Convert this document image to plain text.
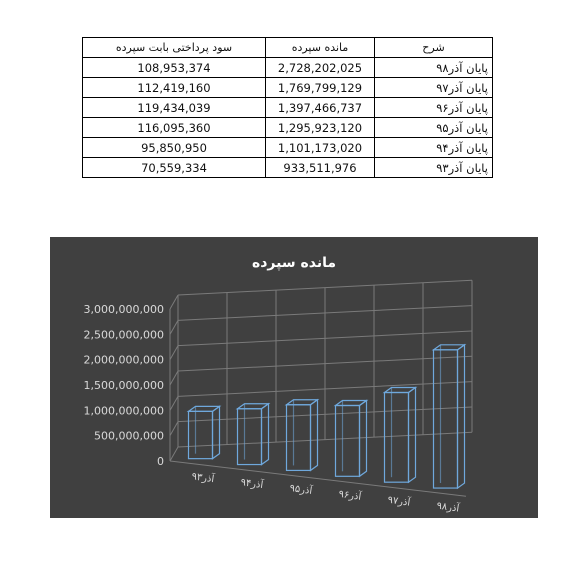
سود پرداختی بابت سپرده	مانده سپرده	شرح
108,953,374	2,728,202,025	پایان آذر۹۸
112,419,160	1,769,799,129	پایان آذر۹۷
119,434,039	1,397,466,737	پایان آذر۹۶
116,095,360	1,295,923,120	پایان آذر۹۵
95,850,950	1,101,173,020	پایان آذر۹۴
70,559,334	933,511,976	پایان آذر۹۳
مانده سپرده
0
500,000,000
1,000,000,000
1,500,000,000
2,000,000,000
2,500,000,000
3,000,000,000
آذر۹۳ آذر۹۴ آذر۹۵ آذر۹۶ آذر۹۷ آذر۹۸
